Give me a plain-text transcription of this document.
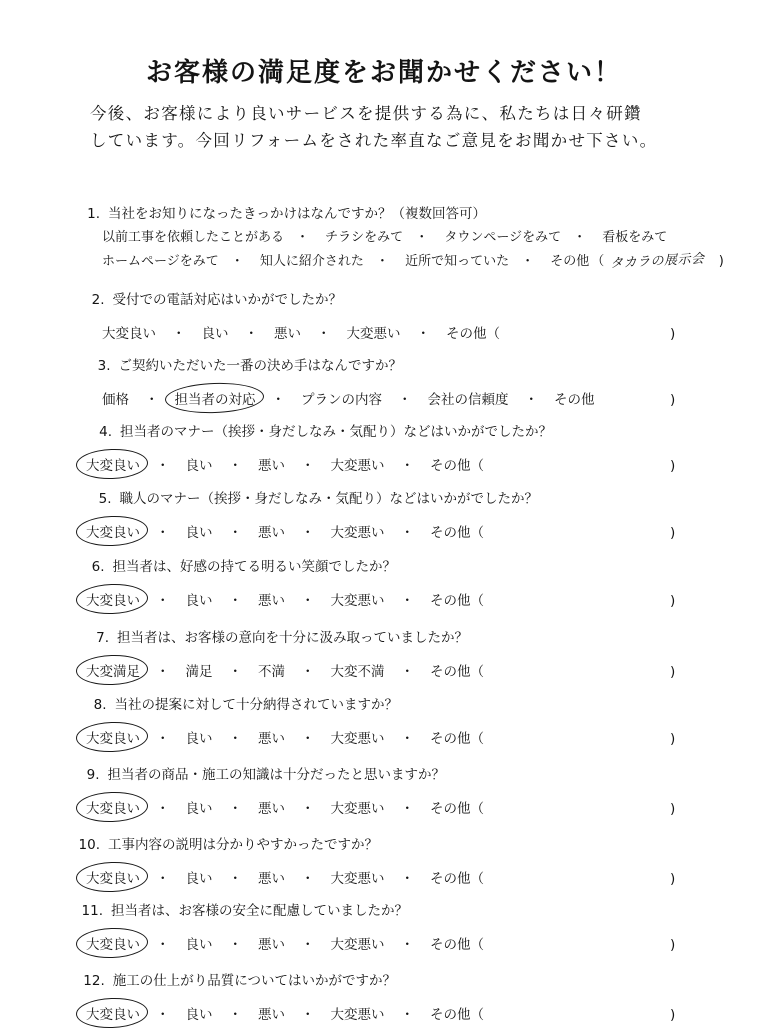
お客様の満足度をお聞かせください！

今後、お客様により良いサービスを提供する為に、私たちは日々研鑽
しています。今回リフォームをされた率直なご意見をお聞かせ下さい。

1. 当社をお知りになったきっかけはなんですか？（複数回答可）
以前工事を依頼したことがある ・ チラシをみて ・ タウンページをみて ・ 看板をみて
ホームページをみて ・ 知人に紹介された ・ 近所で知っていた ・ その他 （ タカラの展示会 )
2. 受付での電話対応はいかがでしたか？
大変良い ・ 良い ・ 悪い ・ 大変悪い ・ その他（	)
3. ご契約いただいた一番の決め手はなんですか？
価格 ・ 担当者の対応 ・ プランの内容 ・ 会社の信頼度 ・ その他	)
4. 担当者のマナー（挨拶・身だしなみ・気配り）などはいかがでしたか？
大変良い ・ 良い ・ 悪い ・ 大変悪い ・ その他（	)
5. 職人のマナー（挨拶・身だしなみ・気配り）などはいかがでしたか？
大変良い ・ 良い ・ 悪い ・ 大変悪い ・ その他（	)
6. 担当者は、好感の持てる明るい笑顔でしたか？
大変良い ・ 良い ・ 悪い ・ 大変悪い ・ その他（	)
7. 担当者は、お客様の意向を十分に汲み取っていましたか？
大変満足 ・ 満足 ・ 不満 ・ 大変不満 ・ その他（	)
8. 当社の提案に対して十分納得されていますか？
大変良い ・ 良い ・ 悪い ・ 大変悪い ・ その他（	)
9. 担当者の商品・施工の知識は十分だったと思いますか？
大変良い ・ 良い ・ 悪い ・ 大変悪い ・ その他（	)
10. 工事内容の説明は分かりやすかったですか？
大変良い ・ 良い ・ 悪い ・ 大変悪い ・ その他（	)
11. 担当者は、お客様の安全に配慮していましたか？
大変良い ・ 良い ・ 悪い ・ 大変悪い ・ その他（	)
12. 施工の仕上がり品質についてはいかがですか？
大変良い ・ 良い ・ 悪い ・ 大変悪い ・ その他（	)
